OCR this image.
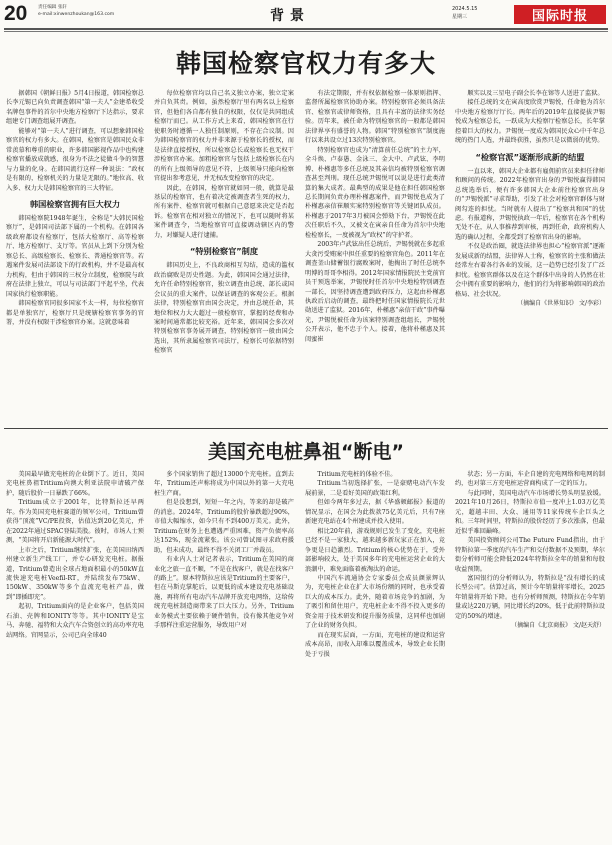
20 责任编辑 张轩
e-mail:xinwenzhoukan@163.com	背景	2024.5.15
星期三	国际时报
韩国检察官权力有多大

据韩国《朝鲜日报》5月4日报道，韩国检察总长李元锡已向负责调查韩国“第一夫人”金建希收受名牌包事件的首尔中央地方检察厅下达指示，要求组建专门调查组展开调查。

能够对“第一夫人”进行调查，可以想象韩国检察官的权力有多大。在韩国，检察官是韩国民众非常羡慕和尊重的职业，许多韩国影视作品中也构建检察官播放成就感，很身为不法之徒做斗争的智慧与力量的化身。在韩国流行这样一种说法：“政权是有限的，检察机关的力量是无限的。”地位高、收入多、权力大是韩国检察官的三大特征。

韩国检察官拥有巨大权力

韩国检察院1948年诞生，全称是“大韩民国检察厅”，是韩国司法部下属的一个机构。在韩国各级政府都设有检察厅，包括大检察厅、高等检察厅、地方检察厅、支厅等。官员从上到下分别为检察总长、高级检察长、检察长、普通检察官等。若遇案件发展司法部设下的行政机构，并不是最高权力机构，但由于韩国的三权分立制度，检察院与政府在法律上独立，可以与司法部门平起平坐，代表国家执行检察职能。

韩国检察官同很多国家不太一样，每位检察官都是单独官厅，检察厅只是统辖检察官事务的官署，并没有权限干涉检察官办案。这就意味着

每位检察官均以自己名义独立办案，独立定案并自负其责。例如，虽然检察厅里有两名以上检察官，但他们各自都有独自的权限，仅仅是共同组成检察厅而已。从工作方式上来看，韩国检察官在行使职务时遵循一人独任制原则，不存在合议制。因为韩国检察官的权力并非来源于检察长的授权，而是法律直接授权，所以检察总长或检察长也无权干涉检察官办案。加粗检察官与包括上级检察长在内的所有上级领导的意见不符，上级领导只能向检察官提出参考意见，并无权改变检察官的决定。

因此，在韩国，检察官就如同一般，就算是最基层的检察官，也有着决定被调查者生死的权力，所有案件、检察官就可根据自己意愿来决定是否起诉。检察官在相对独立的情况下，也可以随时将某案件调查令，当地检察官可直接调动辖区内的警力，对嫌疑人进行逮捕。

“特别检察官”制度

韩国历史上，不良政商相互勾结，造成的滥权政治腐败是历史性题。为此，韩国国会通过法律，允许任命特别检察官，独立调查由总统、部长或国会议员的重大案件，以保证调查的客观公正。根据法律，特别检察官由国会决定，并由总统任命，其地位和权力大大超过一般检察官，掌握的经费和办案时间通常都比较充裕。近年来，韩国国会多次对特别检察官事务展开调查，特别检察官一般由国会选出，其所隶属检察官司法厅，检察长可依据特别检察官

有法定期限，并有权依据检察一体原则指挥、监督所属检察官协助办案。特别检察官必须具备法官、检察官或律师资格，且具有丰富的法律实务经验。历年来，被任命为特别检察官的一般都是韩国法律界享有盛誉的人物。韩国“特别检察官”制度施行以来共设立过13次特别检察官。

特别检察官也成为“清算前任总统”的主力军，全斗焕、卢泰愚、金泳三、金大中、卢武铉、李明博、朴槿惠等多任总统及其亲信均被特别检察官调查甚至判刑。现任总统尹锡悦可以说是进行此类清算的集大成者。最典型的成果是他在担任韩国检察总长期间负责办理朴槿惠案件，而尹锡悦也成为了朴槿惠亲信崔顺实案特别检察官等关键团队成员。朴槿惠于2017年3月被国会弹劾下台，尹锡悦在此次任职后不久，又被文在寅亲自任命为首尔中央地检检察长，一度被视为“政权”的守护者。

2003年卢武铉出任总统后，尹锡悦就在多起重大贪污受贿案中担任重要的检察官角色。2011年在调查釜山储蓄银行腐败案时，他掏出了时任总统李明博的哥哥李相得。2012年国家情报院民主党前官员干预选举案，尹锡悦时任首尔中央地检特别调查一部长，因坚持调查遭到政府压力，这起由朴槿惠执政后启动的调查，最终把时任国家情报院长元世勋送进了监狱。2016年，朴槿惠“亲信干政”事件曝光，尹锡悦被任命为该案特别调查组组长，尹锡悦公开表示，他不忠于个人。接着，他将朴槿惠及其闺蜜崔

顺实以及三星电子副会长李在镕等人送进了监狱。

接任总统的文在寅高度欣赏尹锡悦，任命他为首尔中央地方检察厅厅长。两年后的2019年直接提拔尹锡悦成为检察总长，一跃成为大检察厅检察总长，长年掌控着巨大的权力。尹锡悦一度成为韩国民众心中千年总统的热门人选，并最终获胜，虽然只是以微弱的优势。

“检察官派”逐渐形成新的结盟

一直以来，韩国大企业都有雇佣前官员来担任律师和顾问的传统。2022年检察官出身的尹锡悦赢得韩国总统选举后，便有许多韩国大企业前往检察官出身的“尹锡悦派”寻求帮助，引发了社会对检察官群体与财阀勾连的担忧。当时就有人提出了“检察共和国”的忧虑。有报道称，尹锡悦执政一年后，检察官在各个机构无处不在，从人事推荐到审核，再到任命，政府机构人选的确认过程，全都受到了检察官出身的影响。

不仅是政治圈，就连法律界也担心“检察官派”逐渐发展成新的结盟，法律界人士称，检察官的主张和做法经常左右着各行各业的发展，这一趋势已经引发了广泛担忧。检察官群体以及在这个群体中出身的人仍然在社会中拥有重要的影响力，他们的行为将影响韩国的政治格局、社会状况。

（摘编自《世界知识》 文/李彩）

美国充电桩鼻祖“断电”

美国最早做充电桩的企业倒下了。近日，美国充电桩鼻祖Tritium向澳大利亚法院申请破产保护，随后股价一日暴跌了66%。

Tritium成立于2001年，比特斯拉还早两年。作为美国充电桩赛道的领军公司，Tritium曾获得“顶流”VC/PE投资，估值达到20亿美元，并在2022年通过SPAC登陆美股。彼时，市场人士预测，“美国将开启新能源大时代”。

上市之后，Tritium继续扩张，在美国田纳西州建立新生产线工厂，并专心研发充电桩。据报道，Tritium曾造出全球占地面积最小的50kW直流快速充电桩Veefil-RT，并陆续发布75kW、150kW、350kW等多个直流充电桩产品，做到“即插即充”。

起初，Tritium面向的是企业客户，包括美国石油、壳牌和IONITY等等。其中IONITY是宝马、奔驰、福特和大众汽车合资创立的高功率充电站网络。官网显示，公司已向全球40

多个国家销售了超过13000个充电桩。直到去年，Tritium还声称将成为中国以外的第一大充电桩生产商。

但是没想到，短短一年之内，等来的却是破产的消息。2024年，Tritium的股价暴跌超过90%，市值大幅缩水，如今只有不到400万美元。此外，Tritium在财务上也遭遇严重困难，资产负债率高达152%，现金流紧张。该公司曾试图寻求政府援助，但未成功，最终不得不关闭工厂并裁员。

有业内人士对记者表示，Tritium在美国的商业化之旅一直不顺，“不是在找客户，就是在找客户的路上”。原本特斯拉应该是Tritium的主要客户，但在马斯克掌舵后，以更低的成本建设充电基础设施，再将所有电动汽车品牌开放充电网络，这给传统充电桩制造商带来了巨大压力。另外，Tritium业务模式主要依赖于硬件销售，没有像其他竞争对手那样注重运营服务，导致用户对

Tritium充电桩的体验不佳。

Tritium当初选择扩张，一是豪赌电动汽车发展前景，二是看好美国的政策红利。

但如今两年多过去，据《华盛顿邮报》报道的情况显示，在国会为此拨款75亿美元后，只有7座新建充电站在4个州建成并投入使用。

相比20年前，游戏规则已发生了变化，充电桩已经不是一家独大，越来越多新玩家正在加入，竞争更是日趋激烈。Tritium的核心优势在于，受外部影响较大，处于美国多年的充电桩运营企业的大浪潮中，难免面临着被淘汰的命运。

中国汽车流通协会专家委员会成员颜景辉认为，充电桩企业在扩大市场份额的同时，也承受着巨大的成本压力。此外，随着市场竞争的加剧，为了吸引和留住用户，充电桩企业不得不投入更多的资金用于技术研发和提升服务质量，这同样也加剧了企业的财务负担。

而在现实层面，一方面，充电桩的建设和运营成本高昂，而收入却难以覆盖成本，导致企业长期处于亏损

状态；另一方面，车企自建的充电网络和电网的制约，也对第三方充电桩运营商构成了一定的压力。

与此同时，美国电动汽车市场增长势头明显放缓。2021年10月26日，特斯拉市值一度冲上1.03万亿美元，超越丰田、大众、通用等11家传统车企巨头之和。三年时间里，特斯拉的股价经历了多次涨落，但最近似乎难回巅峰。

美国投资顾问公司The Future Fund指出，由于特斯拉第一季度的汽车生产和交付数据不及预期，华尔街分析师可能会降低2024年特斯拉全年的销量和每股收益预期。

富国银行的分析师认为，特斯拉是“没有增长的成长型公司”。估算过高，预计今年销量将零增长，2025年销量将开始下降。也有分析师预测，特斯拉在今年销量或达220万辆，同比增长约20%，低于此前特斯拉设定的50%的增速。

（摘编自《北京商报》 文/赵天舒）
